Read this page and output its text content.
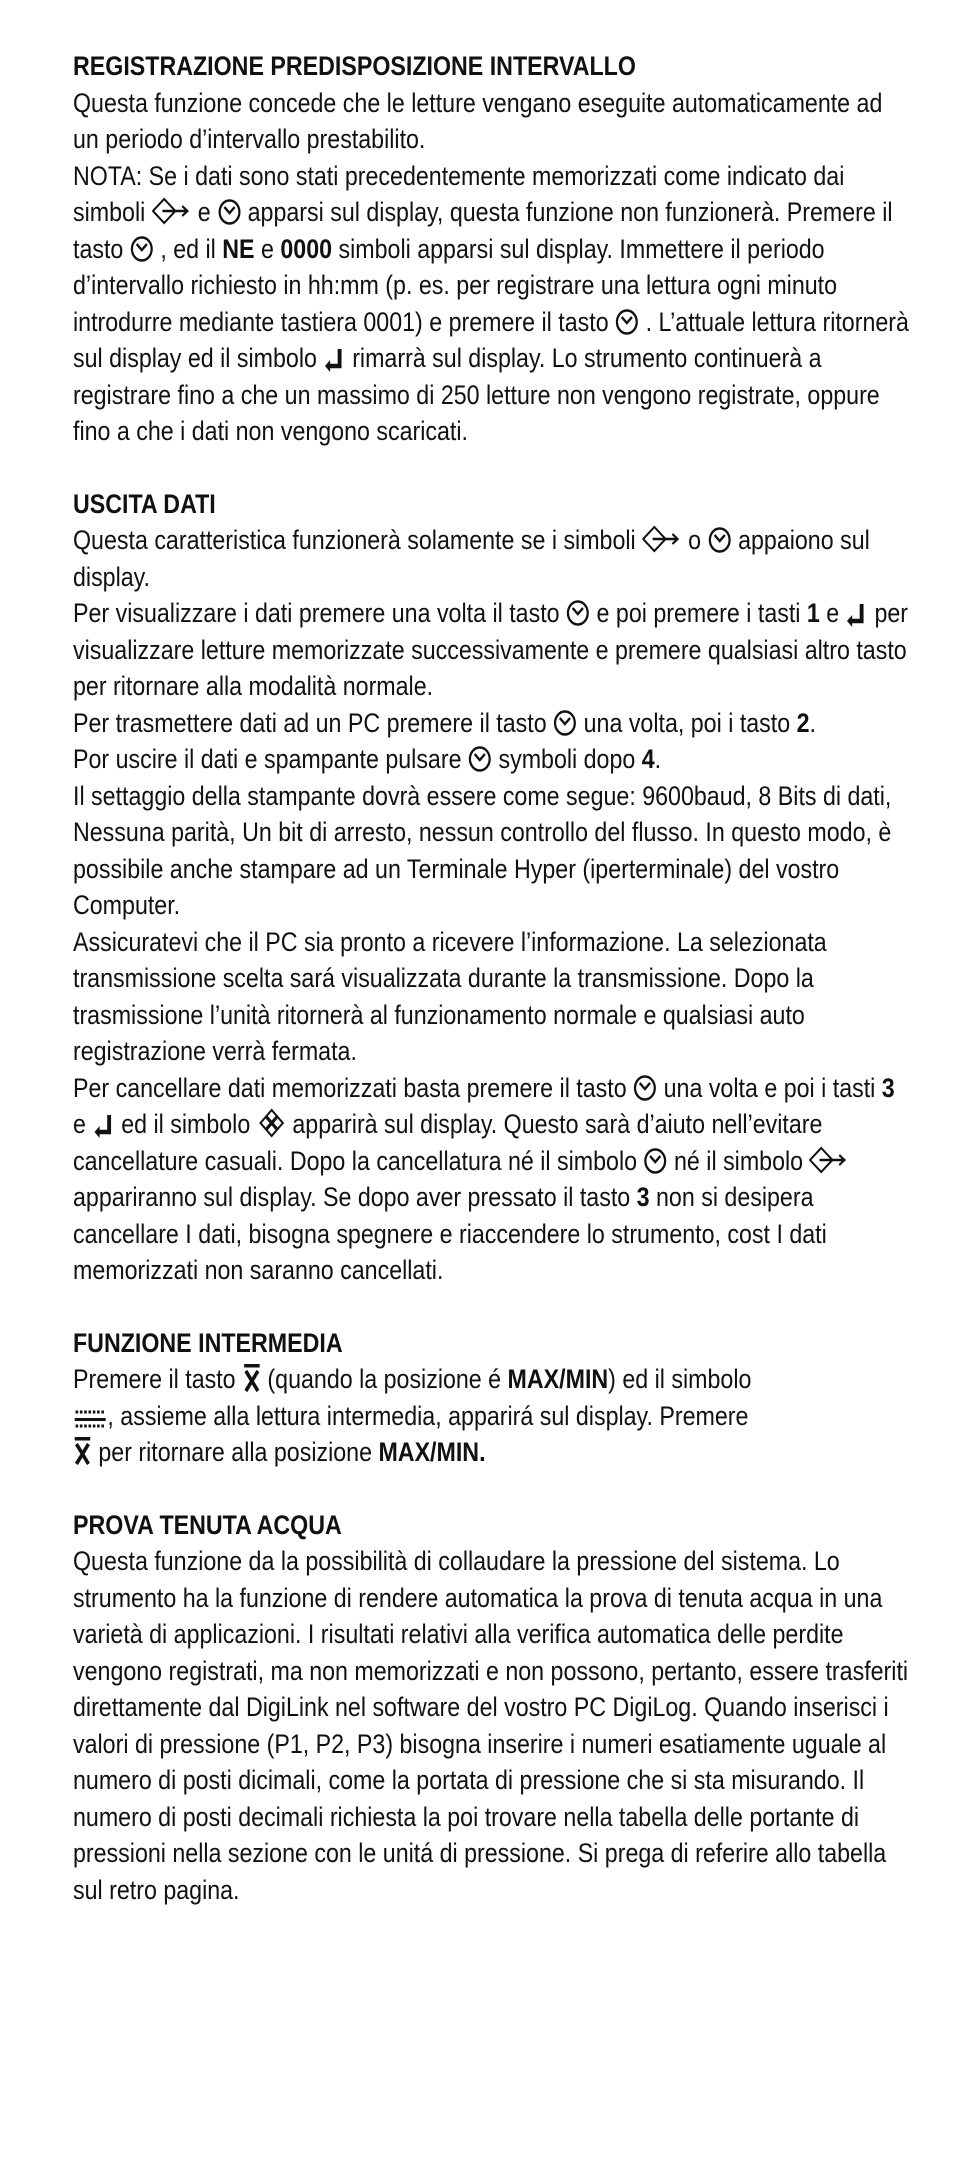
REGISTRAZIONE PREDISPOSIZIONE INTERVALLO

Questa funzione concede che le letture vengano eseguite automaticamente ad un periodo d’intervallo prestabilito.

NOTA: Se i dati sono stati precedentemente memorizzati come indicato dai simboli  e  apparsi sul display, questa funzione non funzionerà. Premere il tasto  , ed il NE e 0000 simboli apparsi sul display. Immettere il periodo d’intervallo richiesto in hh:mm (p. es. per registrare una lettura ogni minuto introdurre mediante tastiera 0001) e premere il tasto  . L’attuale lettura ritornerà sul display ed il simbolo  rimarrà sul display. Lo strumento continuerà a registrare fino a che un massimo di 250 letture non vengono registrate, oppure fino a che i dati non vengono scaricati.

USCITA DATI

Questa caratteristica funzionerà solamente se i simboli  o  appaiono sul display.

Per visualizzare i dati premere una volta il tasto  e poi premere i tasti 1 e  per visualizzare letture memorizzate successivamente e premere qualsiasi altro tasto per ritornare alla modalità normale.

Per trasmettere dati ad un PC premere il tasto  una volta, poi i tasto 2.

Por uscire il dati e spampante pulsare  symboli dopo 4.

Il settaggio della stampante dovrà essere come segue: 9600baud, 8 Bits di dati, Nessuna parità, Un bit di arresto, nessun controllo del flusso. In questo modo, è possibile anche stampare ad un Terminale Hyper (iperterminale) del vostro Computer.

Assicuratevi che il PC sia pronto a ricevere l’informazione. La selezionata transmissione scelta sará visualizzata durante la transmissione. Dopo la trasmissione l’unità ritornerà al funzionamento normale e qualsiasi auto registrazione verrà fermata.

Per cancellare dati memorizzati basta premere il tasto  una volta e poi i tasti 3 e  ed il simbolo  apparirà sul display. Questo sarà d’aiuto nell’evitare cancellature casuali. Dopo la cancellatura né il simbolo  né il simbolo  appariranno sul display. Se dopo aver pressato il tasto 3 non si desipera cancellare I dati, bisogna spegnere e riaccendere lo strumento, cost I dati memorizzati non saranno cancellati.

FUNZIONE INTERMEDIA

Premere il tasto  (quando la posizione é MAX/MIN) ed il simbolo
, assieme alla lettura intermedia, apparirá sul display. Premere
per ritornare alla posizione MAX/MIN.

PROVA TENUTA ACQUA

Questa funzione da la possibilità di collaudare la pressione del sistema. Lo strumento ha la funzione di rendere automatica la prova di tenuta acqua in una varietà di applicazioni. I risultati relativi alla verifica automatica delle perdite vengono registrati, ma non memorizzati e non possono, pertanto, essere trasferiti direttamente dal DigiLink nel software del vostro PC DigiLog. Quando inserisci i valori di pressione (P1, P2, P3) bisogna inserire i numeri esatiamente uguale al numero di posti dicimali, come la portata di pressione che si sta misurando. Il numero di posti decimali richiesta la poi trovare nella tabella delle portante di pressioni nella sezione con le unitá di pressione. Si prega di referire allo tabella sul retro pagina.
